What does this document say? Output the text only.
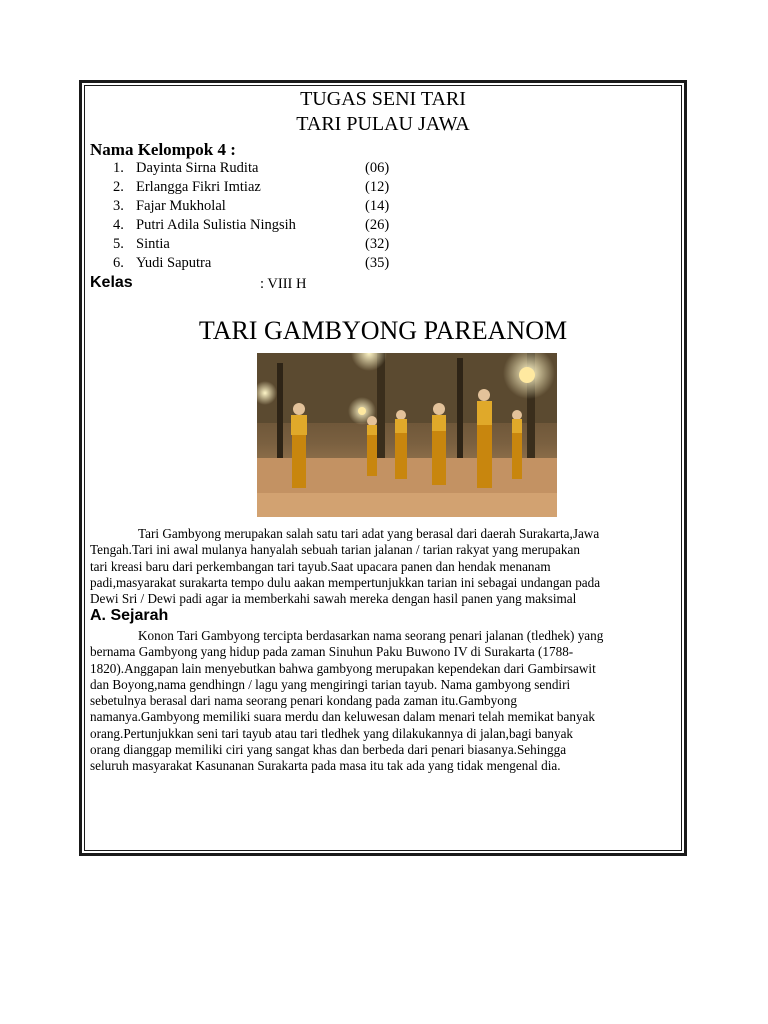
TUGAS SENI TARI
TARI PULAU JAWA
Nama Kelompok 4 :
1. Dayinta Sirna Rudita	(06)
2. Erlangga Fikri Imtiaz	(12)
3. Fajar Mukholal	(14)
4. Putri Adila Sulistia Ningsih	(26)
5. Sintia	(32)
6. Yudi Saputra	(35)
Kelas	: VIII H
TARI GAMBYONG PAREANOM
Tari Gambyong merupakan salah satu tari adat yang berasal dari daerah Surakarta,Jawa
Tengah.Tari ini awal mulanya hanyalah sebuah tarian jalanan / tarian rakyat yang merupakan
tari kreasi baru dari perkembangan tari tayub.Saat upacara panen dan hendak menanam
padi,masyarakat surakarta tempo dulu aakan mempertunjukkan tarian ini sebagai undangan pada
Dewi Sri / Dewi padi agar ia memberkahi sawah mereka dengan hasil panen yang maksimal
A. Sejarah
Konon Tari Gambyong tercipta berdasarkan nama seorang penari jalanan (tledhek) yang
bernama Gambyong yang hidup pada zaman Sinuhun Paku Buwono IV di Surakarta (1788-
1820).Anggapan lain menyebutkan bahwa gambyong merupakan kependekan dari Gambirsawit
dan Boyong,nama gendhingn / lagu yang mengiringi tarian tayub. Nama gambyong sendiri
sebetulnya berasal dari nama seorang penari kondang pada zaman itu.Gambyong
namanya.Gambyong memiliki suara merdu dan keluwesan dalam menari telah memikat banyak
orang.Pertunjukkan seni tari tayub atau tari tledhek yang dilakukannya di jalan,bagi banyak
orang dianggap memiliki ciri yang sangat khas dan berbeda dari penari biasanya.Sehingga
seluruh masyarakat Kasunanan Surakarta pada masa itu tak ada yang tidak mengenal dia.
